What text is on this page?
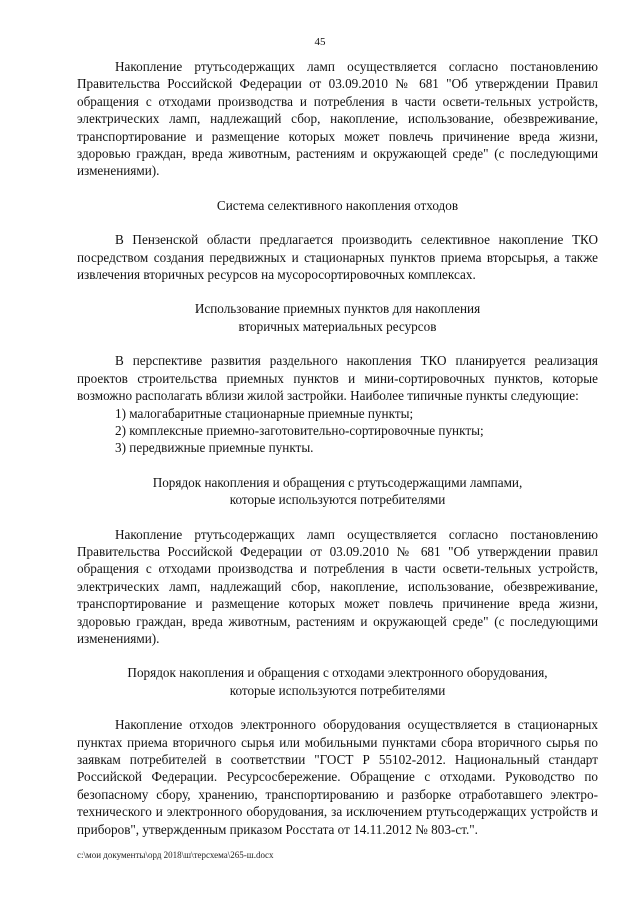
45

Накопление ртутьсодержащих ламп осуществляется согласно постановлению Правительства Российской Федерации от 03.09.2010 № 681 "Об утверждении Правил обращения с отходами производства и потребления в части освети-тельных устройств, электрических ламп, надлежащий сбор, накопление, использование, обезвреживание, транспортирование и размещение которых может повлечь причинение вреда жизни, здоровью граждан, вреда животным, растениям и окружающей среде" (с последующими изменениями).

Система селективного накопления отходов

В Пензенской области предлагается производить селективное накопление ТКО посредством создания передвижных и стационарных пунктов приема вторсырья, а также извлечения вторичных ресурсов на мусоросортировочных комплексах.

Использование приемных пунктов для накопления
вторичных материальных ресурсов

В перспективе развития раздельного накопления ТКО планируется реализация проектов строительства приемных пунктов и мини-сортировочных пунктов, которые возможно располагать вблизи жилой застройки. Наиболее типичные пункты следующие:

1) малогабаритные стационарные приемные пункты;

2) комплексные приемно-заготовительно-сортировочные пункты;

3) передвижные приемные пункты.

Порядок накопления и обращения с ртутьсодержащими лампами,
которые используются потребителями

Накопление ртутьсодержащих ламп осуществляется согласно постановлению Правительства Российской Федерации от 03.09.2010 № 681 "Об утверждении правил обращения с отходами производства и потребления в части освети-тельных устройств, электрических ламп, надлежащий сбор, накопление, использование, обезвреживание, транспортирование и размещение которых может повлечь причинение вреда жизни, здоровью граждан, вреда животным, растениям и окружающей среде" (с последующими изменениями).

Порядок накопления и обращения с отходами электронного оборудования,
которые используются потребителями

Накопление отходов электронного оборудования осуществляется в стационарных пунктах приема вторичного сырья или мобильными пунктами сбора вторичного сырья по заявкам потребителей в соответствии "ГОСТ Р 55102-2012. Национальный стандарт Российской Федерации. Ресурсосбережение. Обращение с отходами. Руководство по безопасному сбору, хранению, транспортированию и разборке отработавшего электро-технического и электронного оборудования, за исключением ртутьсодержащих устройств и приборов", утвержденным приказом Росстата от 14.11.2012 № 803-ст.".

c:\мои документы\орд 2018\ш\терсхема\265-ш.docx
